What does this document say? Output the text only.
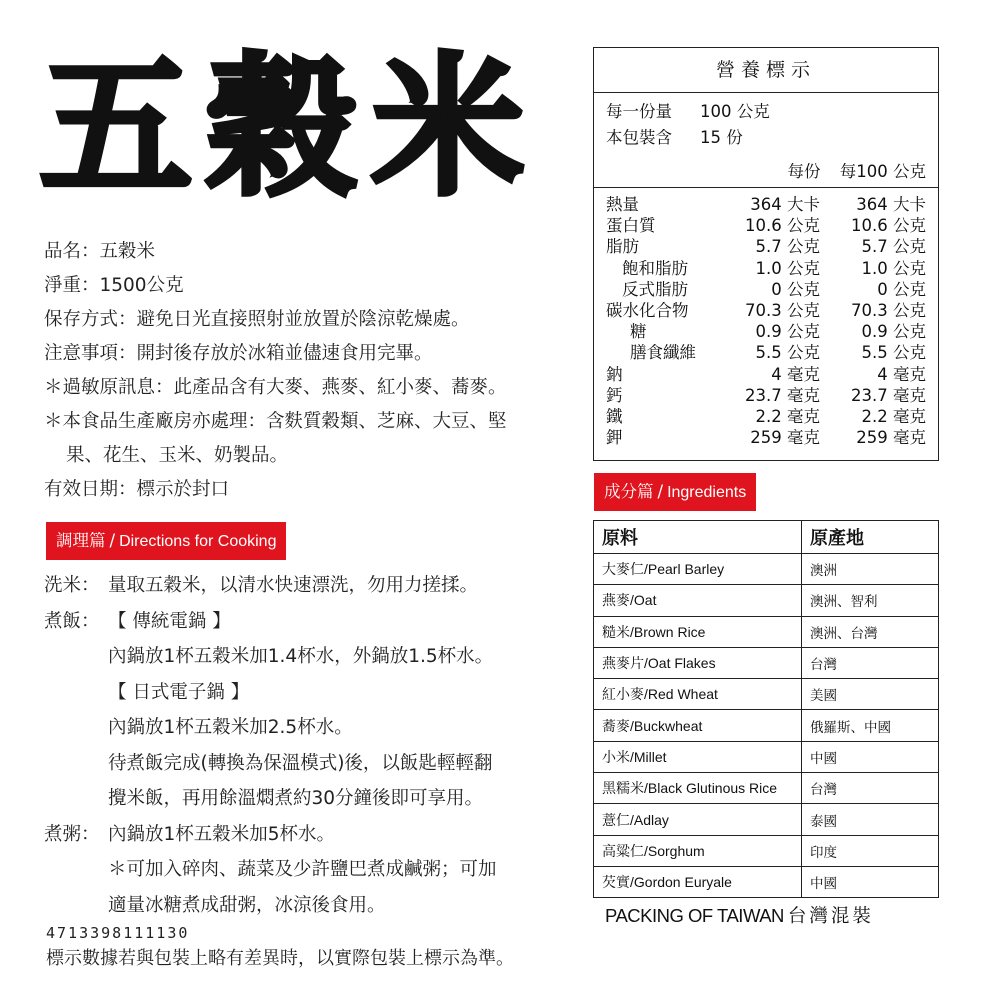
五 穀 米
品名：五穀米
淨重：1500公克
保存方式：避免日光直接照射並放置於陰涼乾燥處。
注意事項：開封後存放於冰箱並儘速食用完畢。
＊過敏原訊息：此產品含有大麥、燕麥、紅小麥、蕎麥。
＊本食品生產廠房亦處理：含麩質穀類、芝麻、大豆、堅
果、花生、玉米、奶製品。
有效日期：標示於封口
調理篇 / Directions for Cooking
洗米： 量取五穀米，以清水快速漂洗，勿用力搓揉。
煮飯： 【 傳統電鍋 】
內鍋放1杯五穀米加1.4杯水，外鍋放1.5杯水。
【 日式電子鍋 】
內鍋放1杯五穀米加2.5杯水。
待煮飯完成(轉換為保溫模式)後，以飯匙輕輕翻
攪米飯，再用餘溫燜煮約30分鐘後即可享用。
煮粥： 內鍋放1杯五穀米加5杯水。
＊可加入碎肉、蔬菜及少許鹽巴煮成鹹粥；可加
適量冰糖煮成甜粥，冰涼後食用。
4713398111130
標示數據若與包裝上略有差異時，以實際包裝上標示為準。
營養標示
每一份量	100 公克
本包裝含	15 份
每份 每100 公克
熱量	364 大卡	364 大卡
蛋白質	10.6 公克	10.6 公克
脂肪	5.7 公克	5.7 公克
飽和脂肪	1.0 公克	1.0 公克
反式脂肪	0 公克	0 公克
碳水化合物	70.3 公克	70.3 公克
糖	0.9 公克	0.9 公克
膳食纖維	5.5 公克	5.5 公克
鈉	4 毫克	4 毫克
鈣	23.7 毫克	23.7 毫克
鐵	2.2 毫克	2.2 毫克
鉀	259 毫克	259 毫克
成分篇 / Ingredients
原料	原產地
大麥仁/Pearl Barley	澳洲
燕麥/Oat	澳洲、智利
糙米/Brown Rice	澳洲、台灣
燕麥片/Oat Flakes	台灣
紅小麥/Red Wheat	美國
蕎麥/Buckwheat	俄羅斯、中國
小米/Millet	中國
黑糯米/Black Glutinous Rice	台灣
薏仁/Adlay	泰國
高粱仁/Sorghum	印度
芡實/Gordon Euryale	中國
PACKING OF TAIWAN 台灣混裝
